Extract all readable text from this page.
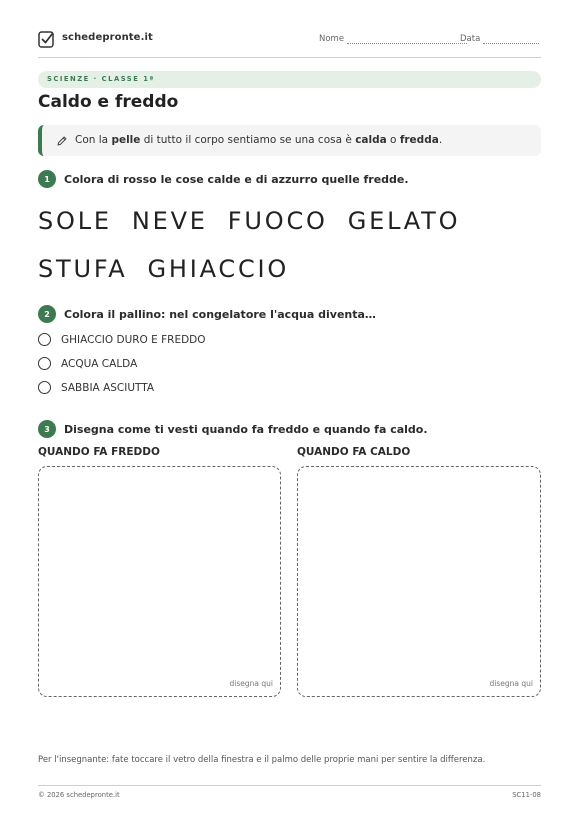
schedepronte.it	Nome	Data
SCIENZE · CLASSE 1ª
Caldo e freddo
Con la pelle di tutto il corpo sentiamo se una cosa è calda o fredda.
1	Colora di rosso le cose calde e di azzurro quelle fredde.
SOLE NEVE FUOCO GELATOSTUFA GHIACCIO
2	Colora il pallino: nel congelatore l'acqua diventa…
GHIACCIO DURO E FREDDO
ACQUA CALDA
SABBIA ASCIUTTA
3	Disegna come ti vesti quando fa freddo e quando fa caldo.
QUANDO FA FREDDO	QUANDO FA CALDO
disegna qui	disegna qui
Per l'insegnante: fate toccare il vetro della finestra e il palmo delle proprie mani per sentire la differenza.
© 2026 schedepronte.it	SC11-08
